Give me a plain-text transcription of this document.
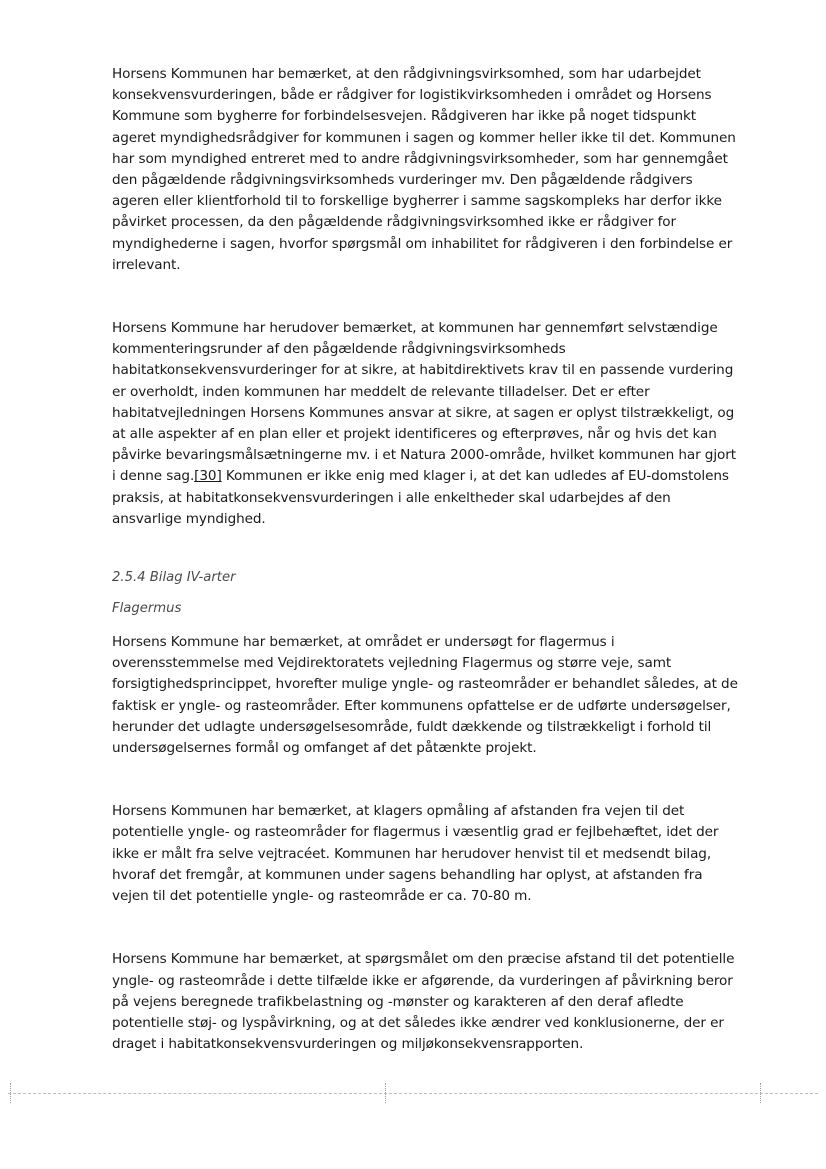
Horsens Kommunen har bemærket, at den rådgivningsvirksomhed, som har udarbejdet konsekvensvurderingen, både er rådgiver for logistikvirksomheden i området og Horsens Kommune som bygherre for forbindelsesvejen. Rådgiveren har ikke på noget tidspunkt ageret myndighedsrådgiver for kommunen i sagen og kommer heller ikke til det. Kommunen har som myndighed entreret med to andre rådgivningsvirksomheder, som har gennemgået den pågældende rådgivningsvirksomheds vurderinger mv. Den pågældende rådgivers ageren eller klientforhold til to forskellige bygherrer i samme sagskompleks har derfor ikke påvirket processen, da den pågældende rådgivningsvirksomhed ikke er rådgiver for myndighederne i sagen, hvorfor spørgsmål om inhabilitet for rådgiveren i den forbindelse er irrelevant.

Horsens Kommune har herudover bemærket, at kommunen har gennemført selvstændige kommenteringsrunder af den pågældende rådgivningsvirksomheds habitatkonsekvensvurderinger for at sikre, at habitdirektivets krav til en passende vurdering er overholdt, inden kommunen har meddelt de relevante tilladelser. Det er efter habitatvejledningen Horsens Kommunes ansvar at sikre, at sagen er oplyst tilstrækkeligt, og at alle aspekter af en plan eller et projekt identificeres og efterprøves, når og hvis det kan påvirke bevaringsmålsætningerne mv. i et Natura 2000-område, hvilket kommunen har gjort i denne sag.[30] Kommunen er ikke enig med klager i, at det kan udledes af EU-domstolens praksis, at habitatkonsekvensvurderingen i alle enkeltheder skal udarbejdes af den ansvarlige myndighed.

2.5.4 Bilag IV-arter

Flagermus

Horsens Kommune har bemærket, at området er undersøgt for flagermus i overensstemmelse med Vejdirektoratets vejledning Flagermus og større veje, samt forsigtighedsprincippet, hvorefter mulige yngle- og rasteområder er behandlet således, at de faktisk er yngle- og rasteområder. Efter kommunens opfattelse er de udførte undersøgelser, herunder det udlagte undersøgelsesområde, fuldt dækkende og tilstrækkeligt i forhold til undersøgelsernes formål og omfanget af det påtænkte projekt.

Horsens Kommunen har bemærket, at klagers opmåling af afstanden fra vejen til det potentielle yngle- og rasteområder for flagermus i væsentlig grad er fejlbehæftet, idet der ikke er målt fra selve vejtracéet. Kommunen har herudover henvist til et medsendt bilag, hvoraf det fremgår, at kommunen under sagens behandling har oplyst, at afstanden fra vejen til det potentielle yngle- og rasteområde er ca. 70-80 m.

Horsens Kommune har bemærket, at spørgsmålet om den præcise afstand til det potentielle yngle- og rasteområde i dette tilfælde ikke er afgørende, da vurderingen af påvirkning beror på vejens beregnede trafikbelastning og -mønster og karakteren af den deraf afledte potentielle støj- og lyspåvirkning, og at det således ikke ændrer ved konklusionerne, der er draget i habitatkonsekvensvurderingen og miljøkonsekvensrapporten.
